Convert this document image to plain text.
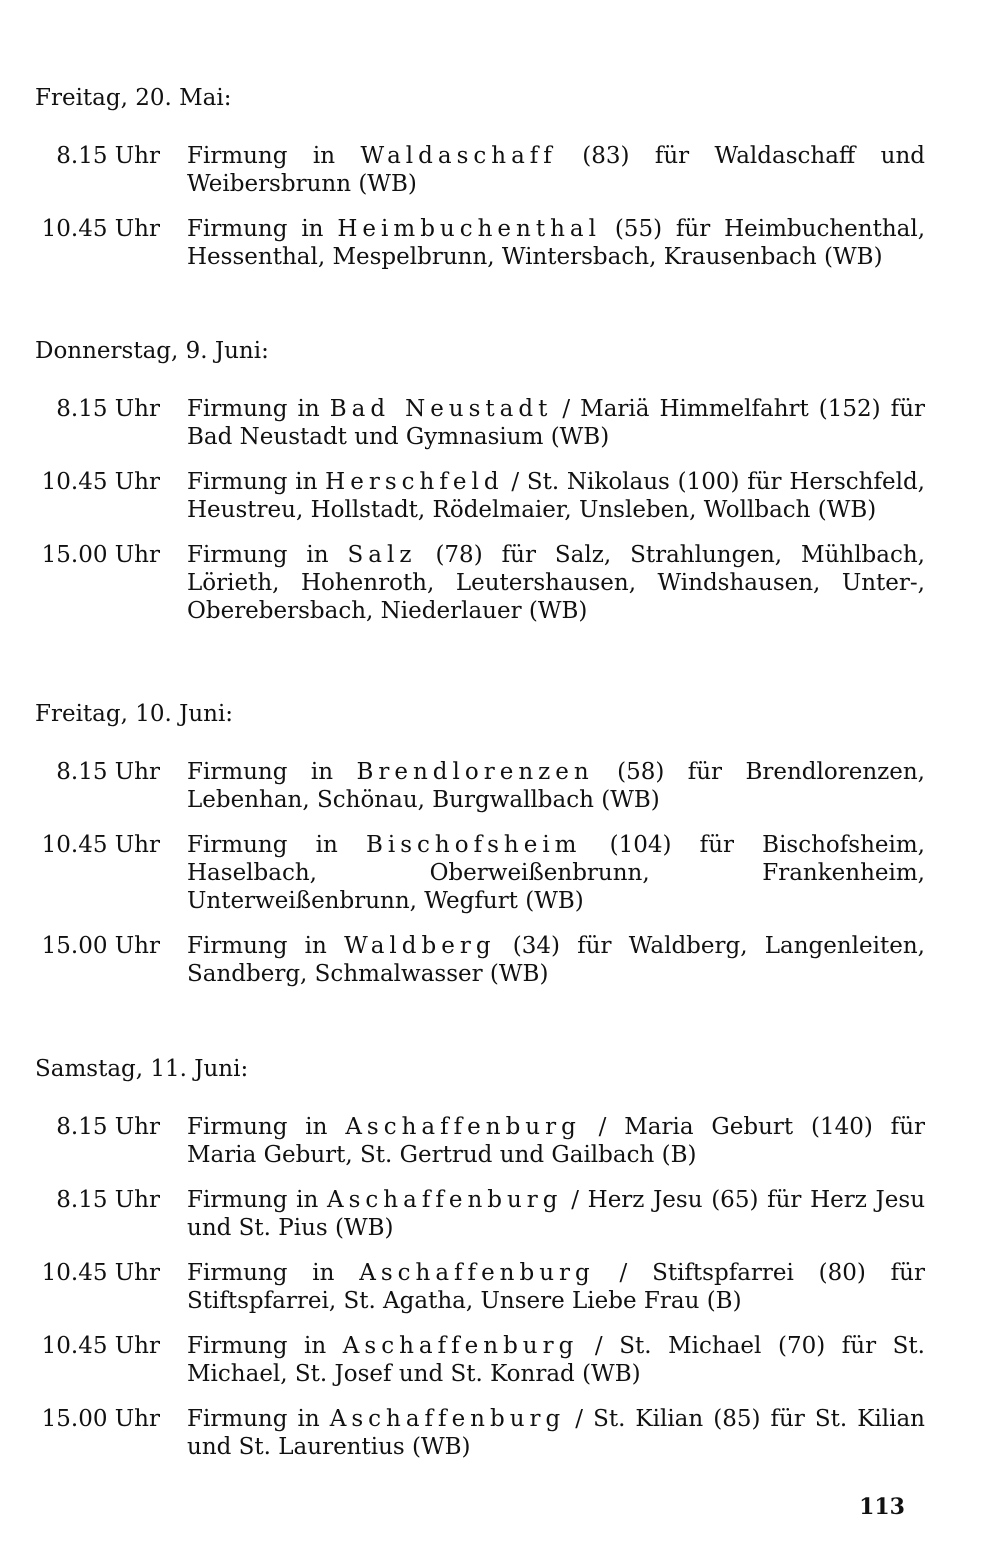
Freitag, 20. Mai:
8.15 Uhr Firmung in Waldaschaff (83) für Waldaschaff und Weibersbrunn (WB)

10.45 Uhr Firmung in Heimbuchenthal (55) für Heimbuchenthal, Hessenthal, Mespelbrunn, Wintersbach, Krausenbach (WB)

Donnerstag, 9. Juni:
8.15 Uhr Firmung in Bad Neustadt / Mariä Himmelfahrt (152) für Bad Neustadt und Gymnasium (WB)

10.45 Uhr Firmung in Herschfeld / St. Nikolaus (100) für Herschfeld, Heustreu, Hollstadt, Rödelmaier, Unsleben, Wollbach (WB)

15.00 Uhr Firmung in Salz (78) für Salz, Strahlungen, Mühlbach, Lörieth, Hohenroth, Leutershausen, Windshausen, Unter-, Oberebersbach, Niederlauer (WB)

Freitag, 10. Juni:
8.15 Uhr Firmung in Brendlorenzen (58) für Brendlorenzen, Lebenhan, Schönau, Burgwallbach (WB)

10.45 Uhr Firmung in Bischofsheim (104) für Bischofsheim, Haselbach, Oberweißenbrunn, Frankenheim, Unterweißenbrunn, Wegfurt (WB)

15.00 Uhr Firmung in Waldberg (34) für Waldberg, Langenleiten, Sandberg, Schmalwasser (WB)

Samstag, 11. Juni:
8.15 Uhr Firmung in Aschaffenburg / Maria Geburt (140) für Maria Geburt, St. Gertrud und Gailbach (B)

8.15 Uhr Firmung in Aschaffenburg / Herz Jesu (65) für Herz Jesu und St. Pius (WB)

10.45 Uhr Firmung in Aschaffenburg / Stiftspfarrei (80) für Stiftspfarrei, St. Agatha, Unsere Liebe Frau (B)

10.45 Uhr Firmung in Aschaffenburg / St. Michael (70) für St. Michael, St. Josef und St. Konrad (WB)

15.00 Uhr Firmung in Aschaffenburg / St. Kilian (85) für St. Kilian und St. Laurentius (WB)

113
